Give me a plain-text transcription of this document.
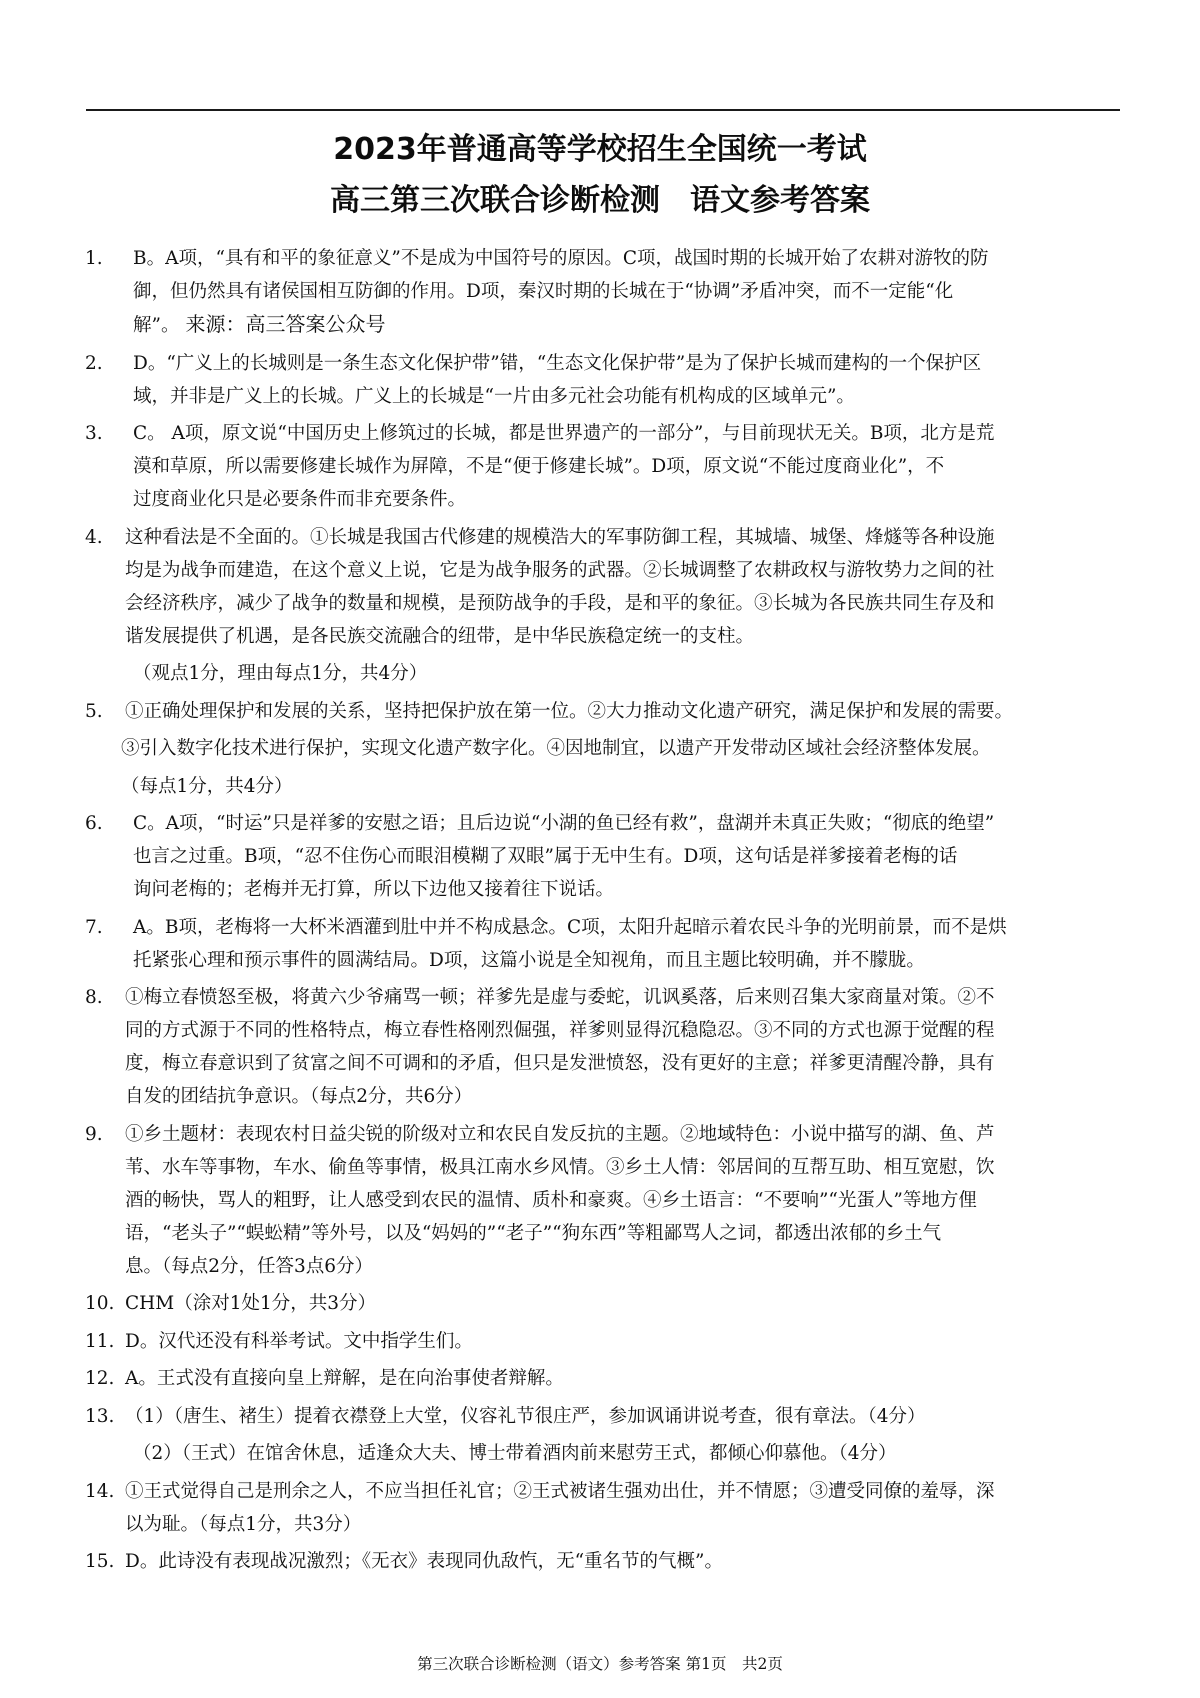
2023年普通高等学校招生全国统一考试
高三第三次联合诊断检测　语文参考答案
1.	B。A项，“具有和平的象征意义”不是成为中国符号的原因。C项，战国时期的长城开始了农耕对游牧的防
御，但仍然具有诸侯国相互防御的作用。D项，秦汉时期的长城在于“协调”矛盾冲突，而不一定能“化
解”。 来源：高三答案公众号
2.	D。“广义上的长城则是一条生态文化保护带”错，“生态文化保护带”是为了保护长城而建构的一个保护区
域，并非是广义上的长城。广义上的长城是“一片由多元社会功能有机构成的区域单元”。
3.	C。 A项，原文说“中国历史上修筑过的长城，都是世界遗产的一部分”，与目前现状无关。B项，北方是荒
漠和草原，所以需要修建长城作为屏障，不是“便于修建长城”。D项，原文说“不能过度商业化”，不
过度商业化只是必要条件而非充要条件。
4.	这种看法是不全面的。①长城是我国古代修建的规模浩大的军事防御工程，其城墙、城堡、烽燧等各种设施
均是为战争而建造，在这个意义上说，它是为战争服务的武器。②长城调整了农耕政权与游牧势力之间的社
会经济秩序，减少了战争的数量和规模，是预防战争的手段，是和平的象征。③长城为各民族共同生存及和
谐发展提供了机遇，是各民族交流融合的纽带，是中华民族稳定统一的支柱。
（观点1分，理由每点1分，共4分）
5.	①正确处理保护和发展的关系，坚持把保护放在第一位。②大力推动文化遗产研究，满足保护和发展的需要。
③引入数字化技术进行保护，实现文化遗产数字化。④因地制宜，以遗产开发带动区域社会经济整体发展。
（每点1分，共4分）
6.	C。A项，“时运”只是祥爹的安慰之语；且后边说“小湖的鱼已经有救”，盘湖并未真正失败；“彻底的绝望”
也言之过重。B项，“忍不住伤心而眼泪模糊了双眼”属于无中生有。D项，这句话是祥爹接着老梅的话
询问老梅的；老梅并无打算，所以下边他又接着往下说话。
7.	A。B项，老梅将一大杯米酒灌到肚中并不构成悬念。C项，太阳升起暗示着农民斗争的光明前景，而不是烘
托紧张心理和预示事件的圆满结局。D项，这篇小说是全知视角，而且主题比较明确，并不朦胧。
8.	①梅立春愤怒至极，将黄六少爷痛骂一顿；祥爹先是虚与委蛇，讥讽奚落，后来则召集大家商量对策。②不
同的方式源于不同的性格特点，梅立春性格刚烈倔强，祥爹则显得沉稳隐忍。③不同的方式也源于觉醒的程
度，梅立春意识到了贫富之间不可调和的矛盾，但只是发泄愤怒，没有更好的主意；祥爹更清醒冷静，具有
自发的团结抗争意识。（每点2分，共6分）
9.	①乡土题材：表现农村日益尖锐的阶级对立和农民自发反抗的主题。②地域特色：小说中描写的湖、鱼、芦
苇、水车等事物，车水、偷鱼等事情，极具江南水乡风情。③乡土人情：邻居间的互帮互助、相互宽慰，饮
酒的畅快，骂人的粗野，让人感受到农民的温情、质朴和豪爽。④乡土语言：“不要响”“光蛋人”等地方俚
语，“老头子”“蜈蚣精”等外号，以及“妈妈的”“老子”“狗东西”等粗鄙骂人之词，都透出浓郁的乡土气
息。（每点2分，任答3点6分）
10. CHM（涂对1处1分，共3分）
11. D。汉代还没有科举考试。文中指学生们。
12. A。王式没有直接向皇上辩解，是在向治事使者辩解。
13. （1）（唐生、褚生）提着衣襟登上大堂，仪容礼节很庄严，参加讽诵讲说考查，很有章法。（4分）
（2）（王式）在馆舍休息，适逢众大夫、博士带着酒肉前来慰劳王式，都倾心仰慕他。（4分）
14. ①王式觉得自己是刑余之人，不应当担任礼官；②王式被诸生强劝出仕，并不情愿；③遭受同僚的羞辱，深
以为耻。（每点1分，共3分）
15. D。此诗没有表现战况激烈；《无衣》表现同仇敌忾，无“重名节的气概”。
第三次联合诊断检测（语文）参考答案 第1页　共2页
